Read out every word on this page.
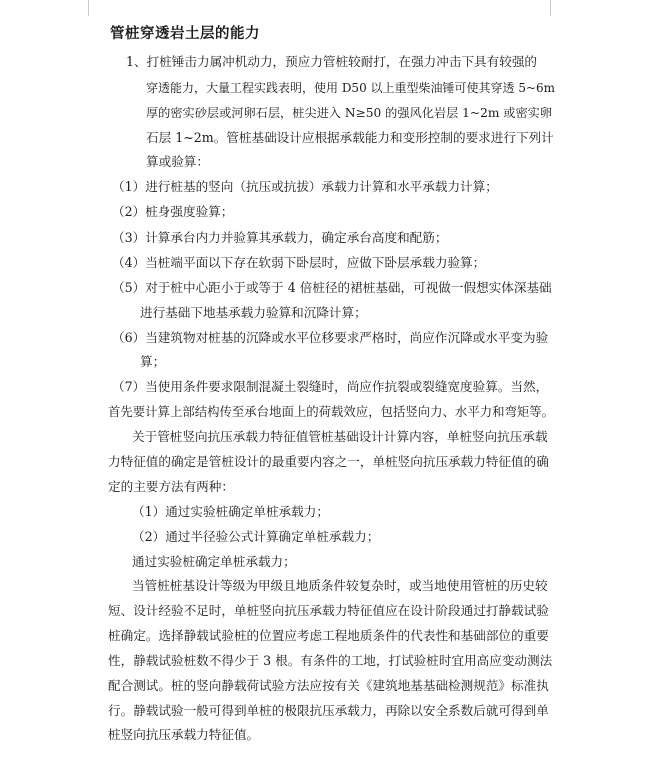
管桩穿透岩土层的能力
1、打桩锤击力属冲机动力，预应力管桩较耐打，在强力冲击下具有较强的
穿透能力，大量工程实践表明，使用 D50 以上重型柴油锤可使其穿透 5~6m
厚的密实砂层或河卵石层，桩尖进入 N≥50 的强风化岩层 1~2m 或密实卵
石层 1~2m。管桩基础设计应根据承载能力和变形控制的要求进行下列计
算或验算：
（1）进行桩基的竖向（抗压或抗拔）承载力计算和水平承载力计算；
（2）桩身强度验算；
（3）计算承台内力并验算其承载力，确定承台高度和配筋；
（4）当桩端平面以下存在软弱下卧层时，应做下卧层承载力验算；
（5）对于桩中心距小于或等于 4 倍桩径的裙桩基础，可视做一假想实体深基础
进行基础下地基承载力验算和沉降计算；
（6）当建筑物对桩基的沉降或水平位移要求严格时，尚应作沉降或水平变为验
算；
（7）当使用条件要求限制混凝土裂缝时，尚应作抗裂或裂缝宽度验算。当然，
首先要计算上部结构传至承台地面上的荷载效应，包括竖向力、水平力和弯矩等。
关于管桩竖向抗压承载力特征值管桩基础设计计算内容，单桩竖向抗压承载
力特征值的确定是管桩设计的最重要内容之一，单桩竖向抗压承载力特征值的确
定的主要方法有两种：
（1）通过实验桩确定单桩承载力；
（2）通过半径验公式计算确定单桩承载力；
通过实验桩确定单桩承载力；
当管桩桩基设计等级为甲级且地质条件较复杂时，或当地使用管桩的历史较
短、设计经验不足时，单桩竖向抗压承载力特征值应在设计阶段通过打静载试验
桩确定。选择静载试验桩的位置应考虑工程地质条件的代表性和基础部位的重要
性，静载试验桩数不得少于 3 根。有条件的工地，打试验桩时宜用高应变动测法
配合测试。桩的竖向静载荷试验方法应按有关《建筑地基基础检测规范》标准执
行。静载试验一般可得到单桩的极限抗压承载力，再除以安全系数后就可得到单
桩竖向抗压承载力特征值。
